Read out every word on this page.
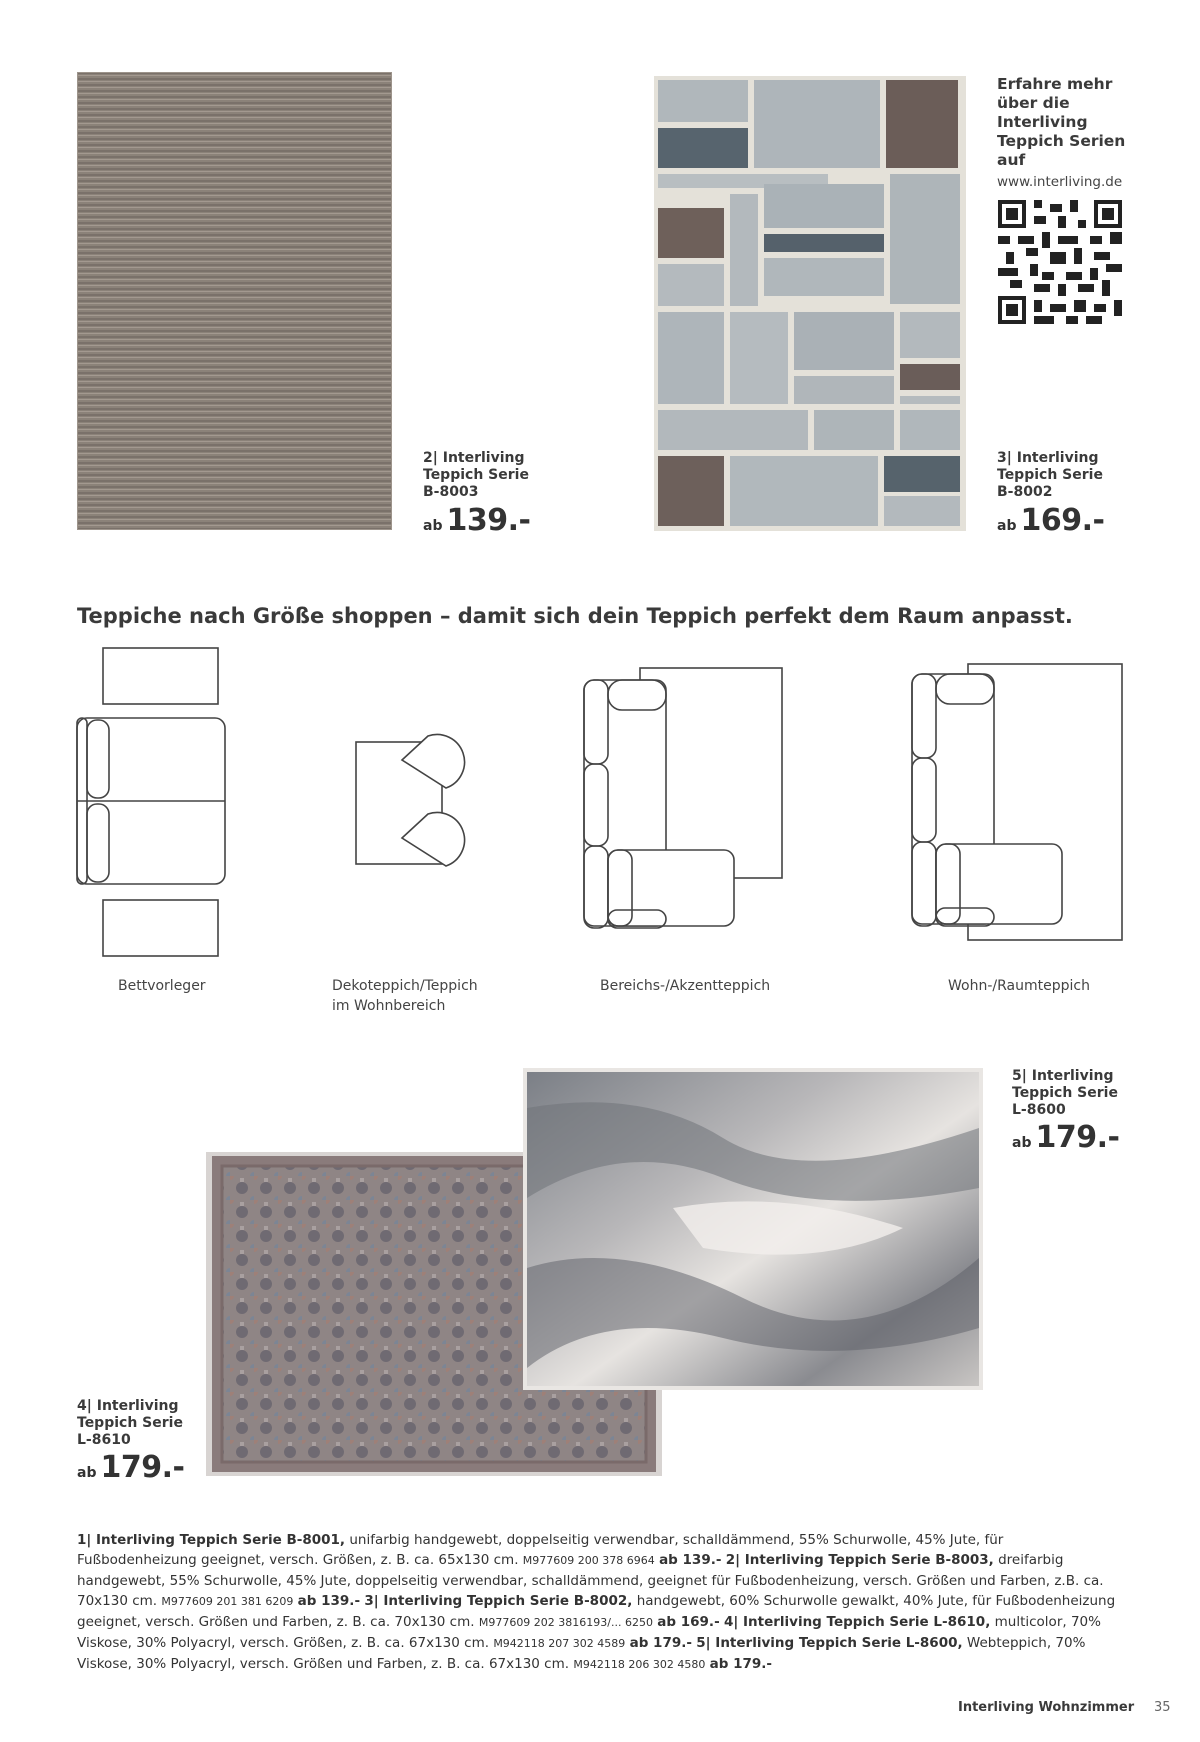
2| Interliving Teppich Serie B-8003
ab 139.-
3| Interliving Teppich Serie B-8002
ab 169.-
Erfahre mehr über die Interliving Teppich Serien auf
www.interliving.de
Teppiche nach Größe shoppen – damit sich dein Teppich perfekt dem Raum anpasst.
Bettvorleger	Dekoteppich/Teppich im Wohnbereich
Bereichs-/Akzentteppich	Wohn-/Raumteppich
5| Interliving Teppich Serie L-8600
ab 179.-
4| Interliving Teppich Serie L-8610
ab 179.-
1| Interliving Teppich Serie B-8001, unifarbig handgewebt, doppelseitig verwendbar, schalldämmend, 55% Schurwolle, 45% Jute, für Fußbodenheizung geeignet, versch. Größen, z. B. ca. 65x130 cm. M977609 200 378 6964 ab 139.- 2| Interliving Teppich Serie B-8003, dreifarbig handgewebt, 55% Schurwolle, 45% Jute, doppelseitig verwendbar, schalldämmend, geeignet für Fußbodenheizung, versch. Größen und Farben, z.B. ca. 70x130 cm. M977609 201 381 6209 ab 139.- 3| Interliving Teppich Serie B-8002, handgewebt, 60% Schurwolle gewalkt, 40% Jute, für Fußbodenheizung geeignet, versch. Größen und Farben, z. B. ca. 70x130 cm. M977609 202 3816193/... 6250 ab 169.- 4| Interliving Teppich Serie L-8610, multicolor, 70% Viskose, 30% Polyacryl, versch. Größen, z. B. ca. 67x130 cm. M942118 207 302 4589 ab 179.- 5| Interliving Teppich Serie L-8600, Webteppich, 70% Viskose, 30% Polyacryl, versch. Größen und Farben, z. B. ca. 67x130 cm. M942118 206 302 4580 ab 179.-
Interliving Wohnzimmer 35
